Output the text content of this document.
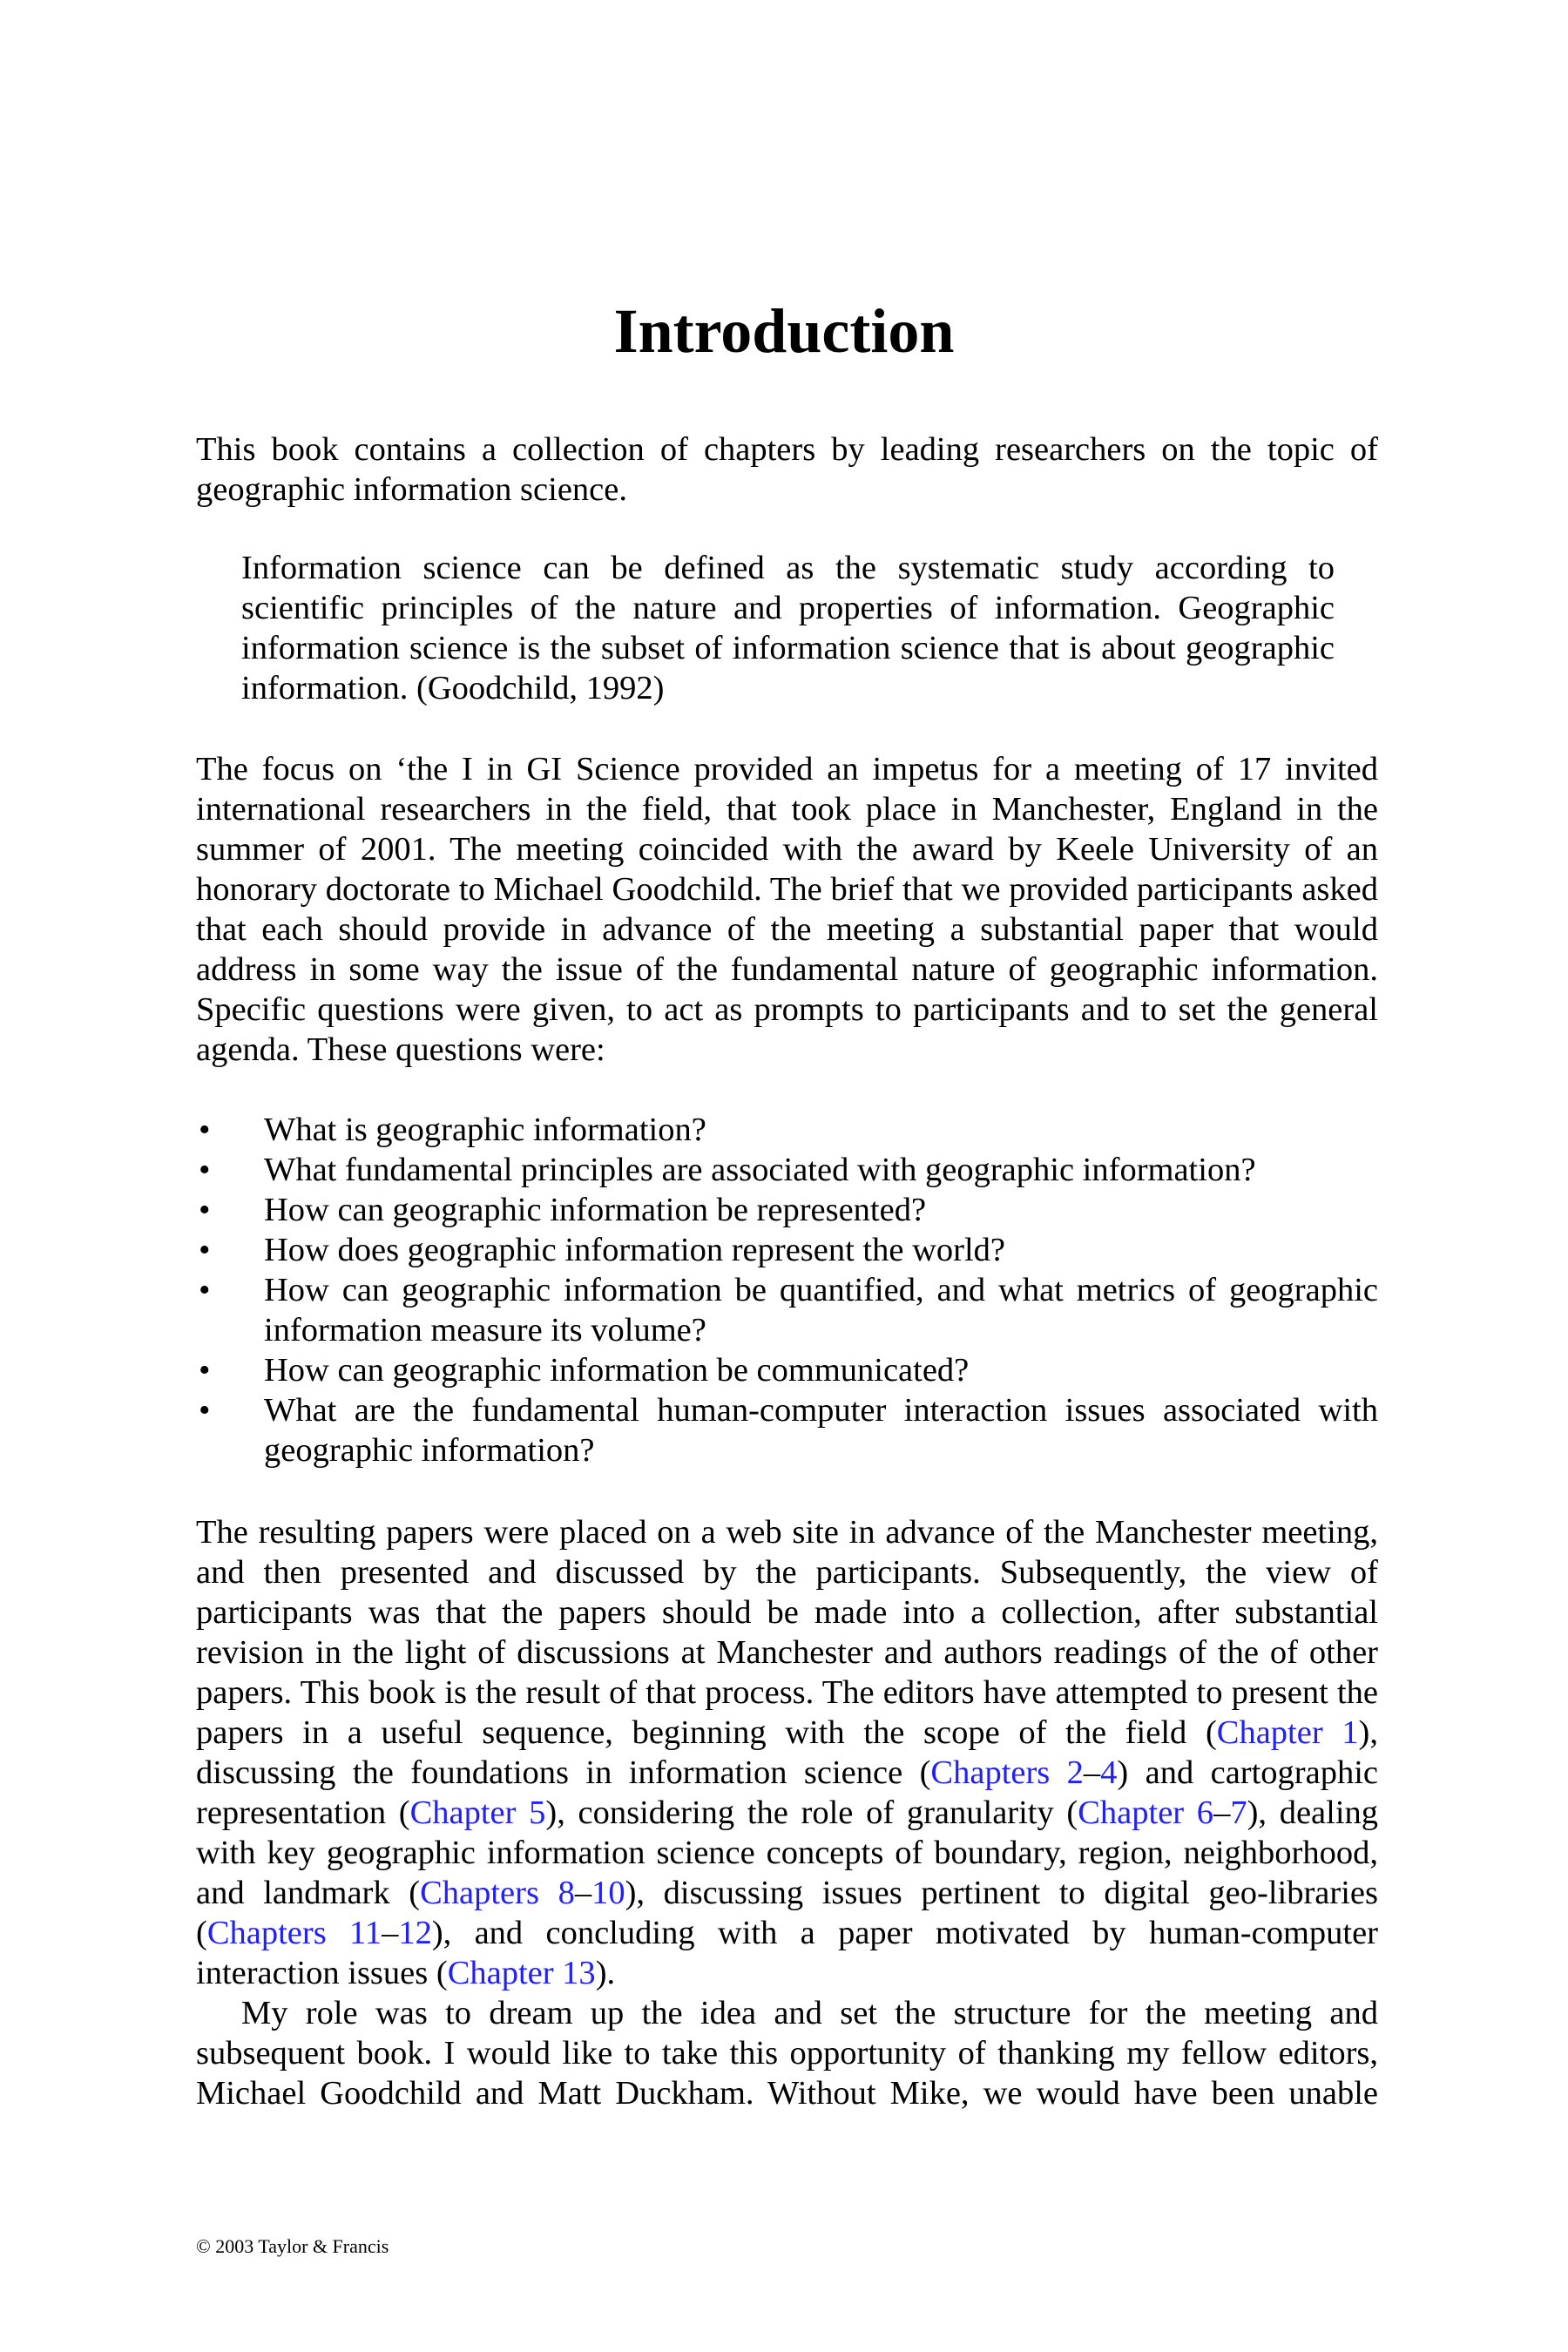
Introduction

This book contains a collection of chapters by leading researchers on the topic of geographic information science.

Information science can be defined as the systematic study according to scientific principles of the nature and properties of information. Geographic information science is the subset of information science that is about geographic information. (Goodchild, 1992)

The focus on ‘the I in GI Science provided an impetus for a meeting of 17 invited international researchers in the field, that took place in Manchester, England in the summer of 2001. The meeting coincided with the award by Keele University of an honorary doctorate to Michael Goodchild. The brief that we provided participants asked that each should provide in advance of the meeting a substantial paper that would address in some way the issue of the fundamental nature of geographic information. Specific questions were given, to act as prompts to participants and to set the general agenda. These questions were:

• What is geographic information?
• What fundamental principles are associated with geographic information?
• How can geographic information be represented?
• How does geographic information represent the world?
• How can geographic information be quantified, and what metrics of geographic information measure its volume?
• How can geographic information be communicated?
• What are the fundamental human-computer interaction issues associated with geographic information?

The resulting papers were placed on a web site in advance of the Manchester meeting, and then presented and discussed by the participants. Subsequently, the view of participants was that the papers should be made into a collection, after substantial revision in the light of discussions at Manchester and authors readings of the of other papers. This book is the result of that process. The editors have attempted to present the papers in a useful sequence, beginning with the scope of the field (Chapter 1), discussing the foundations in information science (Chapters 2–4) and cartographic representation (Chapter 5), considering the role of granularity (Chapter 6–7), dealing with key geographic information science concepts of boundary, region, neighborhood, and landmark (Chapters 8–10), discussing issues pertinent to digital geo-libraries (Chapters 11–12), and concluding with a paper motivated by human-computer interaction issues (Chapter 13).

My role was to dream up the idea and set the structure for the meeting and subsequent book. I would like to take this opportunity of thanking my fellow editors, Michael Goodchild and Matt Duckham. Without Mike, we would have been unable

© 2003 Taylor & Francis
